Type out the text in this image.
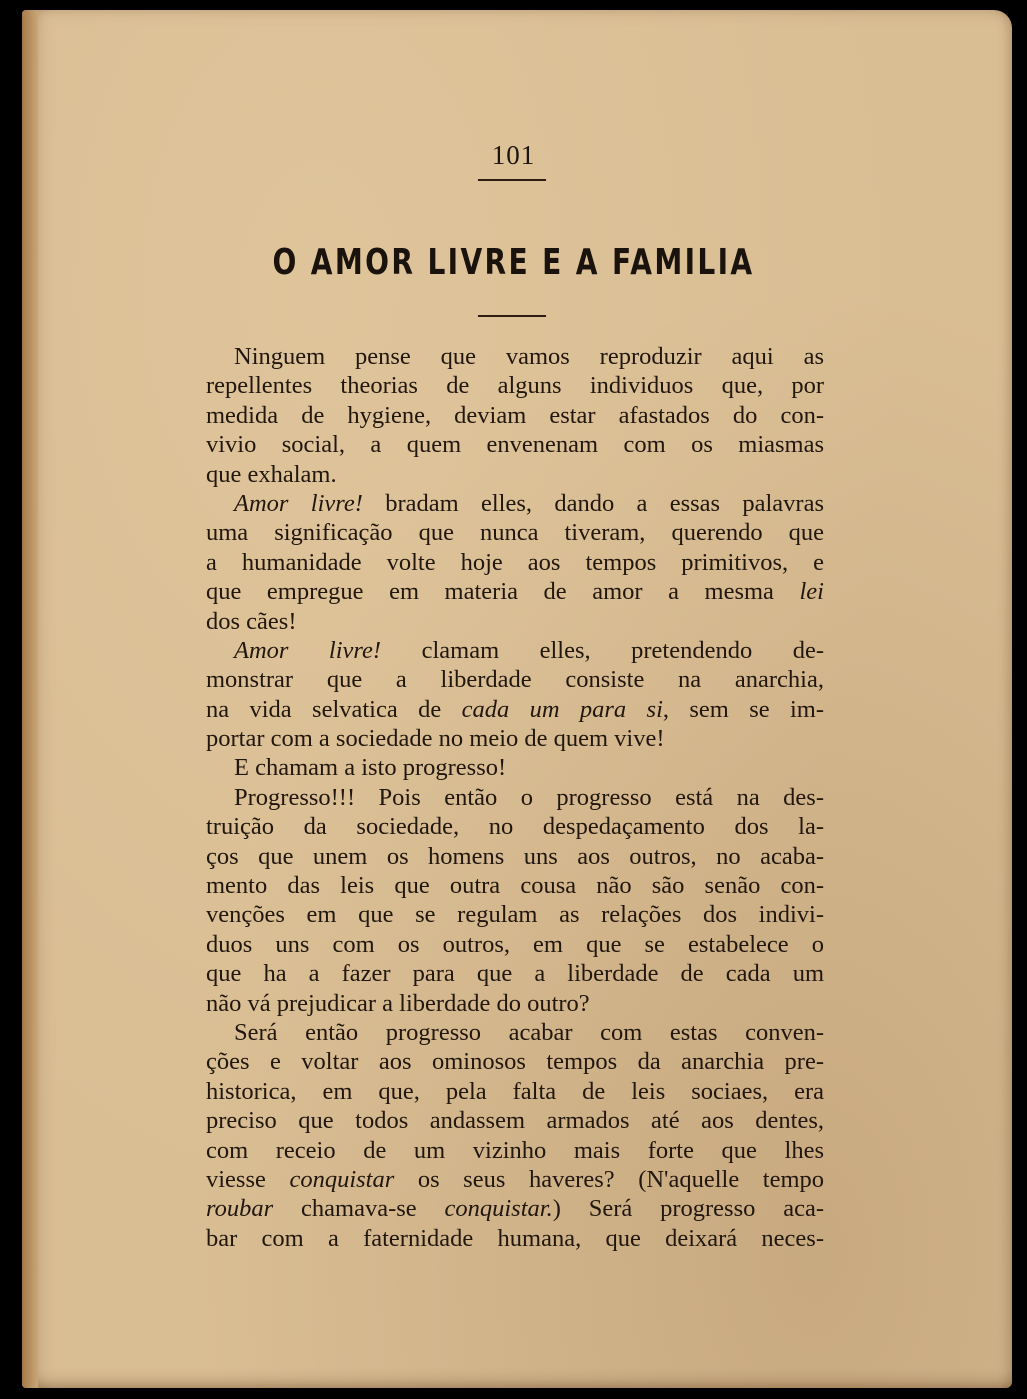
101
O AMOR LIVRE E A FAMILIA
Ninguem pense que vamos reproduzir aqui as
repellentes theorias de alguns individuos que, por
medida de hygiene, deviam estar afastados do con-
vivio social, a quem envenenam com os miasmas
que exhalam.
Amor livre! bradam elles, dando a essas palavras
uma significação que nunca tiveram, querendo que
a humanidade volte hoje aos tempos primitivos, e
que empregue em materia de amor a mesma lei
dos cães!
Amor livre! clamam elles, pretendendo de-
monstrar que a liberdade consiste na anarchia,
na vida selvatica de cada um para si, sem se im-
portar com a sociedade no meio de quem vive!
E chamam a isto progresso!
Progresso!!! Pois então o progresso está na des-
truição da sociedade, no despedaçamento dos la-
ços que unem os homens uns aos outros, no acaba-
mento das leis que outra cousa não são senão con-
venções em que se regulam as relações dos indivi-
duos uns com os outros, em que se estabelece o
que ha a fazer para que a liberdade de cada um
não vá prejudicar a liberdade do outro?
Será então progresso acabar com estas conven-
ções e voltar aos ominosos tempos da anarchia pre-
historica, em que, pela falta de leis sociaes, era
preciso que todos andassem armados até aos dentes,
com receio de um vizinho mais forte que lhes
viesse conquistar os seus haveres? (N'aquelle tempo
roubar chamava-se conquistar.) Será progresso aca-
bar com a faternidade humana, que deixará neces-
